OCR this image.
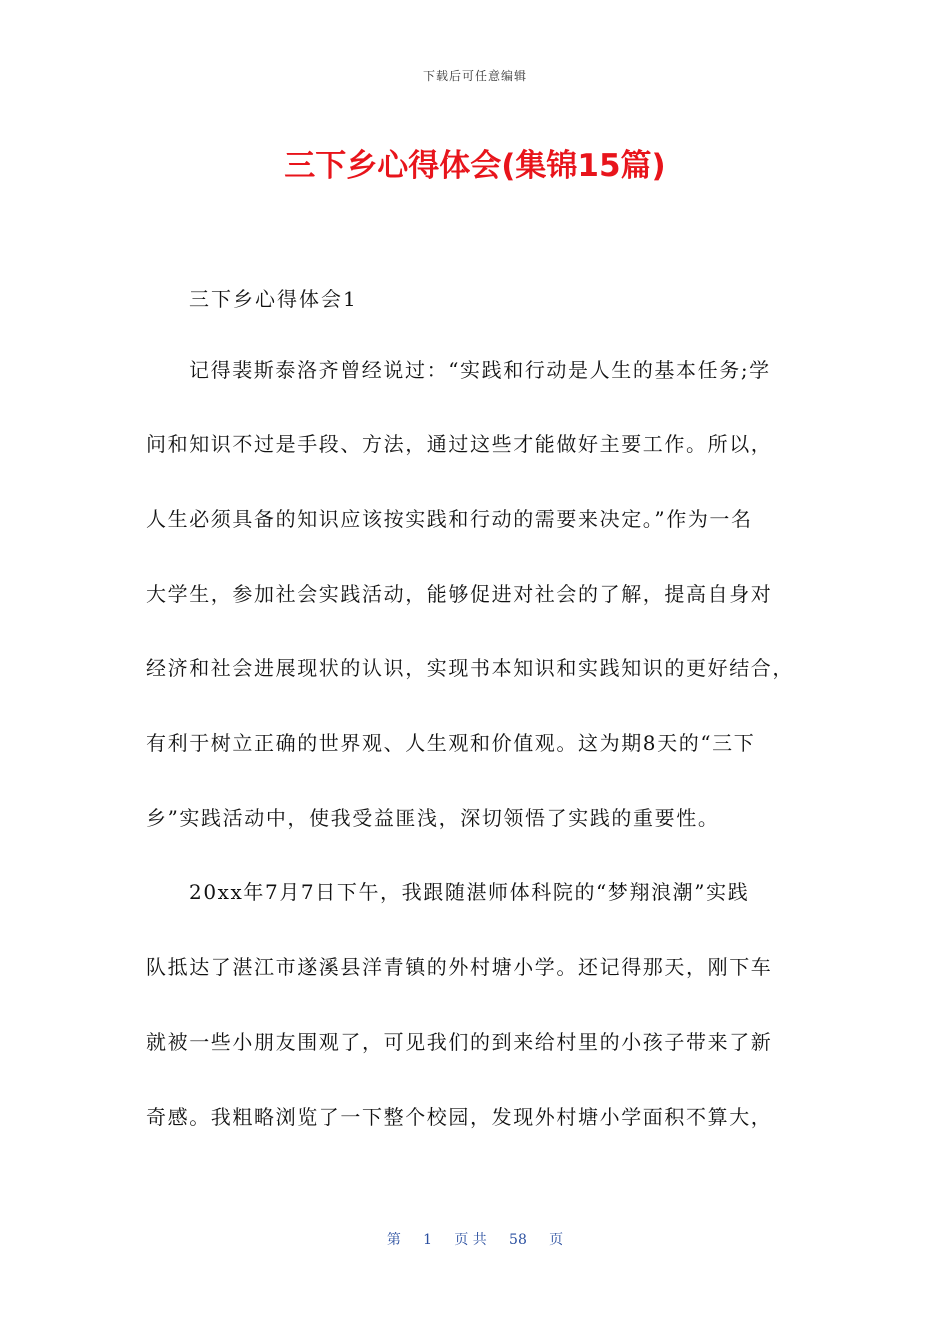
下载后可任意编辑
三下乡心得体会(集锦15篇)

三下乡心得体会1

记得裴斯泰洛齐曾经说过：“实践和行动是人生的基本任务;学

问和知识不过是手段、方法，通过这些才能做好主要工作。所以，

人生必须具备的知识应该按实践和行动的需要来决定。”作为一名

大学生，参加社会实践活动，能够促进对社会的了解，提高自身对

经济和社会进展现状的认识，实现书本知识和实践知识的更好结合，

有利于树立正确的世界观、人生观和价值观。这为期8天的“三下

乡”实践活动中，使我受益匪浅，深切领悟了实践的重要性。

20xx年7月7日下午，我跟随湛师体科院的“梦翔浪潮”实践

队抵达了湛江市遂溪县洋青镇的外村塘小学。还记得那天，刚下车

就被一些小朋友围观了，可见我们的到来给村里的小孩子带来了新

奇感。我粗略浏览了一下整个校园，发现外村塘小学面积不算大，

第 1 页 共 58 页
